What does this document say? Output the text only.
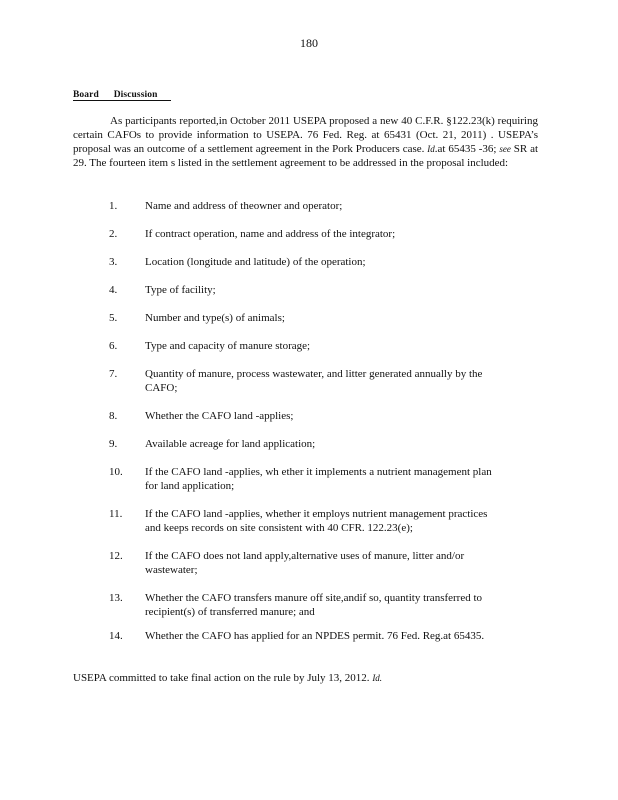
180
Board Discussion

As participants reported,in October 2011 USEPA proposed a new 40 C.F.R. §122.23(k) requiring certain CAFOs to provide information to USEPA. 76 Fed. Reg. at 65431 (Oct. 21, 2011) . USEPA’s proposal was an outcome of a settlement agreement in the Pork Producers case. Id.at 65435 -36; see SR at 29. The fourteen item s listed in the settlement agreement to be addressed in the proposal included:

1.	Name and address of theowner and operator;
2.	If contract operation, name and address of the integrator;
3.	Location (longitude and latitude) of the operation;
4.	Type of facility;
5.	Number and type(s) of animals;
6.	Type and capacity of manure storage;
7.	Quantity of manure, process wastewater, and litter generated annually by the CAFO;
8.	Whether the CAFO land -applies;
9.	Available acreage for land application;
10.	If the CAFO land -applies, wh ether it implements a nutrient management plan for land application;
11.	If the CAFO land -applies, whether it employs nutrient management practices and keeps records on site consistent with 40 CFR. 122.23(e);
12.	If the CAFO does not land apply,alternative uses of manure, litter and/or wastewater;
13.	Whether the CAFO transfers manure off site,andif so, quantity transferred to recipient(s) of transferred manure; and
14.	Whether the CAFO has applied for an NPDES permit. 76 Fed. Reg.at 65435.
USEPA committed to take final action on the rule by July 13, 2012. Id.
